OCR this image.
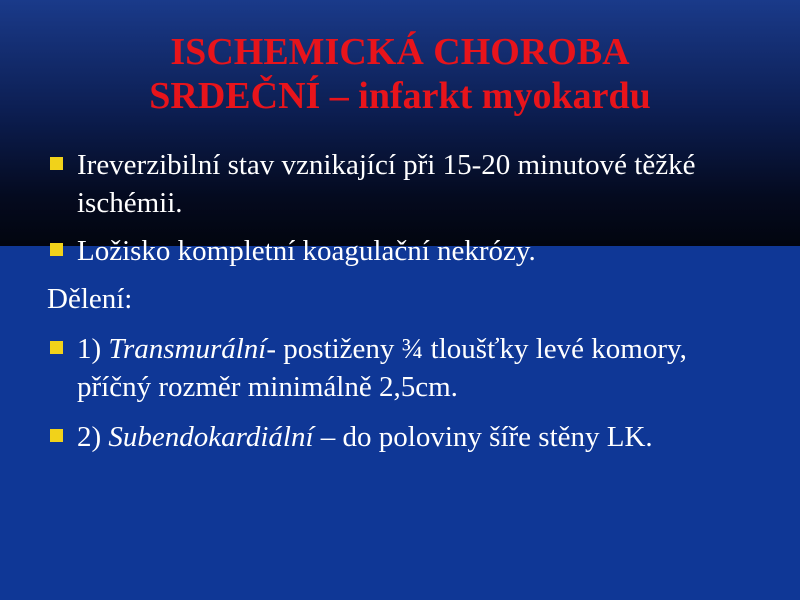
ISCHEMICKÁ CHOROBA
SRDEČNÍ – infarkt myokardu
Ireverzibilní stav vznikající při 15-20 minutové těžké ischémii.
Ložisko kompletní koagulační nekrózy.
Dělení:
1) Transmurální- postiženy ¾ tloušťky levé komory, příčný rozměr minimálně 2,5cm.
2) Subendokardiální – do poloviny šíře stěny LK.
